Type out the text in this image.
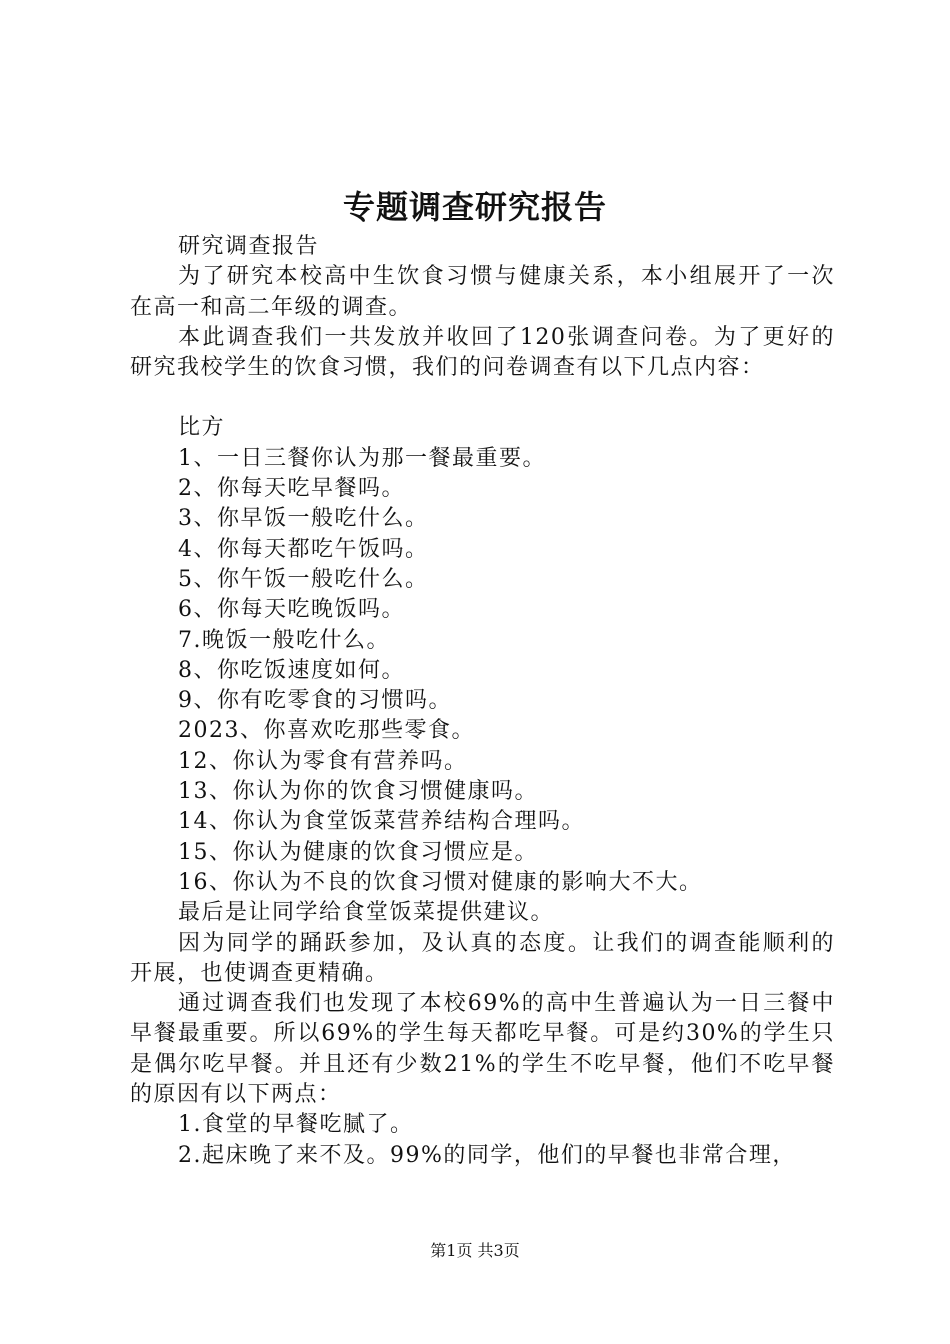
专题调查研究报告

研究调查报告

为了研究本校高中生饮食习惯与健康关系，本小组展开了一次在高一和高二年级的调查。

本此调查我们一共发放并收回了120张调查问卷。为了更好的研究我校学生的饮食习惯，我们的问卷调查有以下几点内容：

比方

1、一日三餐你认为那一餐最重要。

2、你每天吃早餐吗。

3、你早饭一般吃什么。

4、你每天都吃午饭吗。

5、你午饭一般吃什么。

6、你每天吃晚饭吗。

7.晚饭一般吃什么。

8、你吃饭速度如何。

9、你有吃零食的习惯吗。

2023、你喜欢吃那些零食。

12、你认为零食有营养吗。

13、你认为你的饮食习惯健康吗。

14、你认为食堂饭菜营养结构合理吗。

15、你认为健康的饮食习惯应是。

16、你认为不良的饮食习惯对健康的影响大不大。

最后是让同学给食堂饭菜提供建议。

因为同学的踊跃参加，及认真的态度。让我们的调查能顺利的开展，也使调查更精确。

通过调查我们也发现了本校69%的高中生普遍认为一日三餐中早餐最重要。所以69%的学生每天都吃早餐。可是约30%的学生只是偶尔吃早餐。并且还有少数21%的学生不吃早餐，他们不吃早餐的原因有以下两点：

1.食堂的早餐吃腻了。

2.起床晚了来不及。99%的同学，他们的早餐也非常合理，

第1页 共3页
